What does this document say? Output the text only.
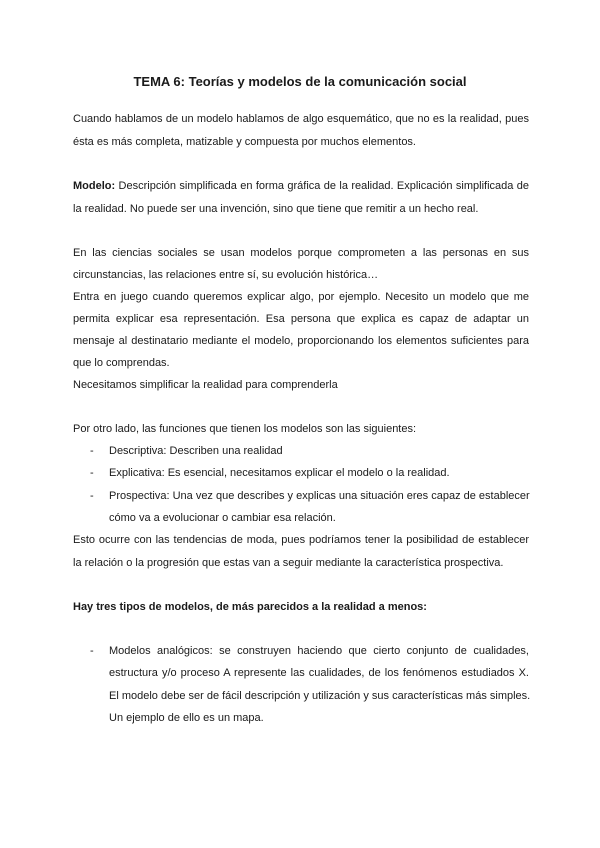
TEMA 6: Teorías y modelos de la comunicación social
Cuando hablamos de un modelo hablamos de algo esquemático, que no es la realidad, pues
ésta es más completa, matizable y compuesta por muchos elementos.
Modelo: Descripción simplificada en forma gráfica de la realidad. Explicación simplificada de
la realidad. No puede ser una invención, sino que tiene que remitir a un hecho real.
En las ciencias sociales se usan modelos porque comprometen a las personas en sus
circunstancias, las relaciones entre sí, su evolución histórica…
Entra en juego cuando queremos explicar algo, por ejemplo. Necesito un modelo que me
permita explicar esa representación. Esa persona que explica es capaz de adaptar un
mensaje al destinatario mediante el modelo, proporcionando los elementos suficientes para
que lo comprendas.
Necesitamos simplificar la realidad para comprenderla
Por otro lado, las funciones que tienen los modelos son las siguientes:
- Descriptiva: Describen una realidad
- Explicativa: Es esencial, necesitamos explicar el modelo o la realidad.
- Prospectiva: Una vez que describes y explicas una situación eres capaz de establecer
cómo va a evolucionar o cambiar esa relación.
Esto ocurre con las tendencias de moda, pues podríamos tener la posibilidad de establecer
la relación o la progresión que estas van a seguir mediante la característica prospectiva.
Hay tres tipos de modelos, de más parecidos a la realidad a menos:
- Modelos analógicos: se construyen haciendo que cierto conjunto de cualidades,
estructura y/o proceso A represente las cualidades, de los fenómenos estudiados X.
El modelo debe ser de fácil descripción y utilización y sus características más simples.
Un ejemplo de ello es un mapa.
